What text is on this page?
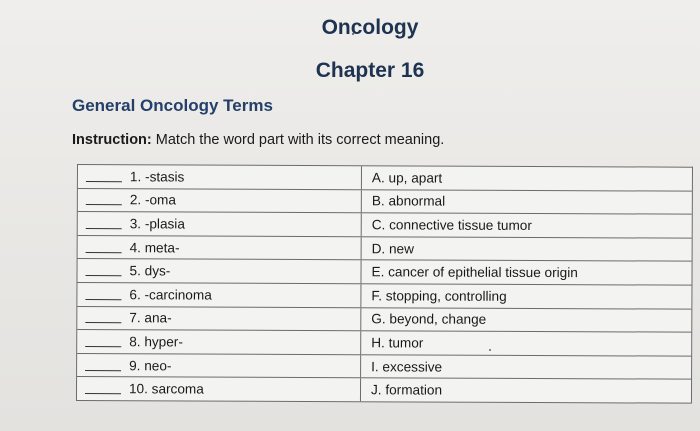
Oncology
Chapter 16
General Oncology Terms
Instruction: Match the word part with its correct meaning.
1. -stasis	A. up, apart
2. -oma	B. abnormal
3. -plasia	C. connective tissue tumor
4. meta-	D. new
5. dys-	E. cancer of epithelial tissue origin
6. -carcinoma	F. stopping, controlling
7. ana-	G. beyond, change
8. hyper-	H. tumor
9. neo-	I. excessive
10. sarcoma	J. formation
